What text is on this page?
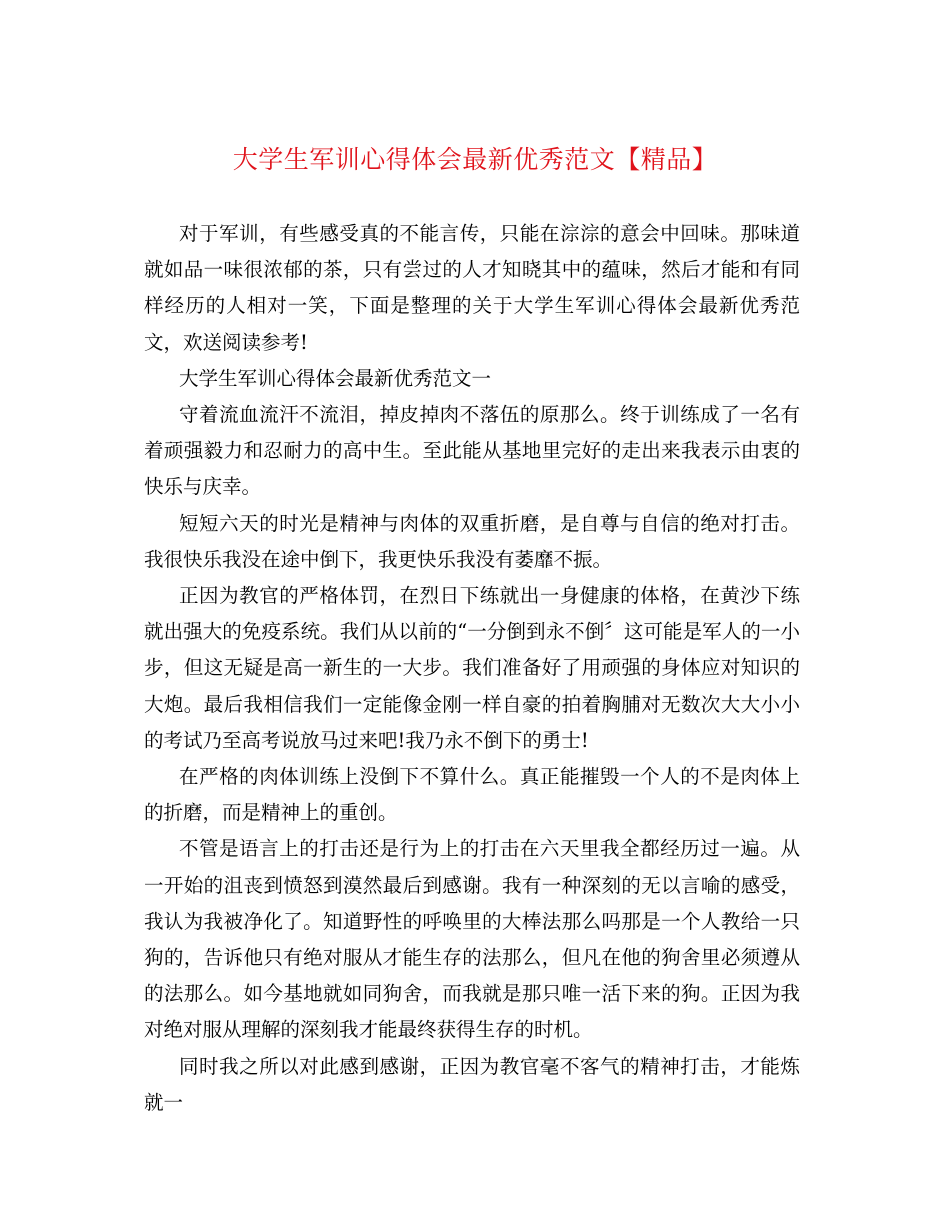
大学生军训心得体会最新优秀范文【精品】

对于军训，有些感受真的不能言传，只能在淙淙的意会中回味。那味道就如品一味很浓郁的茶，只有尝过的人才知晓其中的蕴味，然后才能和有同样经历的人相对一笑，下面是整理的关于大学生军训心得体会最新优秀范文，欢送阅读参考!

大学生军训心得体会最新优秀范文一

守着流血流汗不流泪，掉皮掉肉不落伍的原那么。终于训练成了一名有着顽强毅力和忍耐力的高中生。至此能从基地里完好的走出来我表示由衷的快乐与庆幸。

短短六天的时光是精神与肉体的双重折磨，是自尊与自信的绝对打击。我很快乐我没在途中倒下，我更快乐我没有萎靡不振。

正因为教官的严格体罚，在烈日下练就出一身健康的体格，在黄沙下练就出强大的免疫系统。我们从以前的“一分倒到永不倒〞这可能是军人的一小步，但这无疑是高一新生的一大步。我们准备好了用顽强的身体应对知识的大炮。最后我相信我们一定能像金刚一样自豪的拍着胸脯对无数次大大小小的考试乃至高考说放马过来吧!我乃永不倒下的勇士!

在严格的肉体训练上没倒下不算什么。真正能摧毁一个人的不是肉体上的折磨，而是精神上的重创。

不管是语言上的打击还是行为上的打击在六天里我全都经历过一遍。从一开始的沮丧到愤怒到漠然最后到感谢。我有一种深刻的无以言喻的感受，我认为我被净化了。知道野性的呼唤里的大棒法那么吗那是一个人教给一只狗的，告诉他只有绝对服从才能生存的法那么，但凡在他的狗舍里必须遵从的法那么。如今基地就如同狗舍，而我就是那只唯一活下来的狗。正因为我对绝对服从理解的深刻我才能最终获得生存的时机。

同时我之所以对此感到感谢，正因为教官毫不客气的精神打击，才能炼就一
